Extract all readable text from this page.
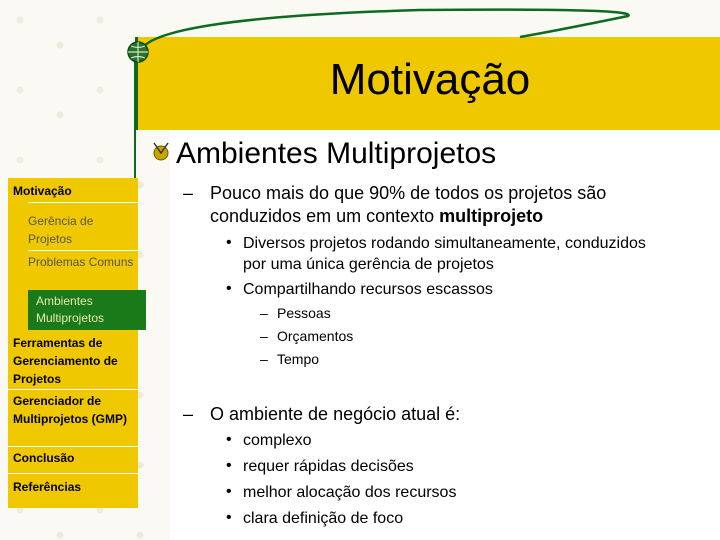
Motivação
Motivação
Gerência de Projetos
Problemas Comuns
Ambientes Multiprojetos
Ferramentas de Gerenciamento de Projetos
Gerenciador de Multiprojetos (GMP)
Conclusão
Referências
Ambientes Multiprojetos
– Pouco mais do que 90% de todos os projetos são
conduzidos em um contexto multiprojeto
• Diversos projetos rodando simultaneamente, conduzidos
por uma única gerência de projetos
• Compartilhando recursos escassos
– Pessoas
– Orçamentos
– Tempo
– O ambiente de negócio atual é:
• complexo
• requer rápidas decisões
• melhor alocação dos recursos
• clara definição de foco
